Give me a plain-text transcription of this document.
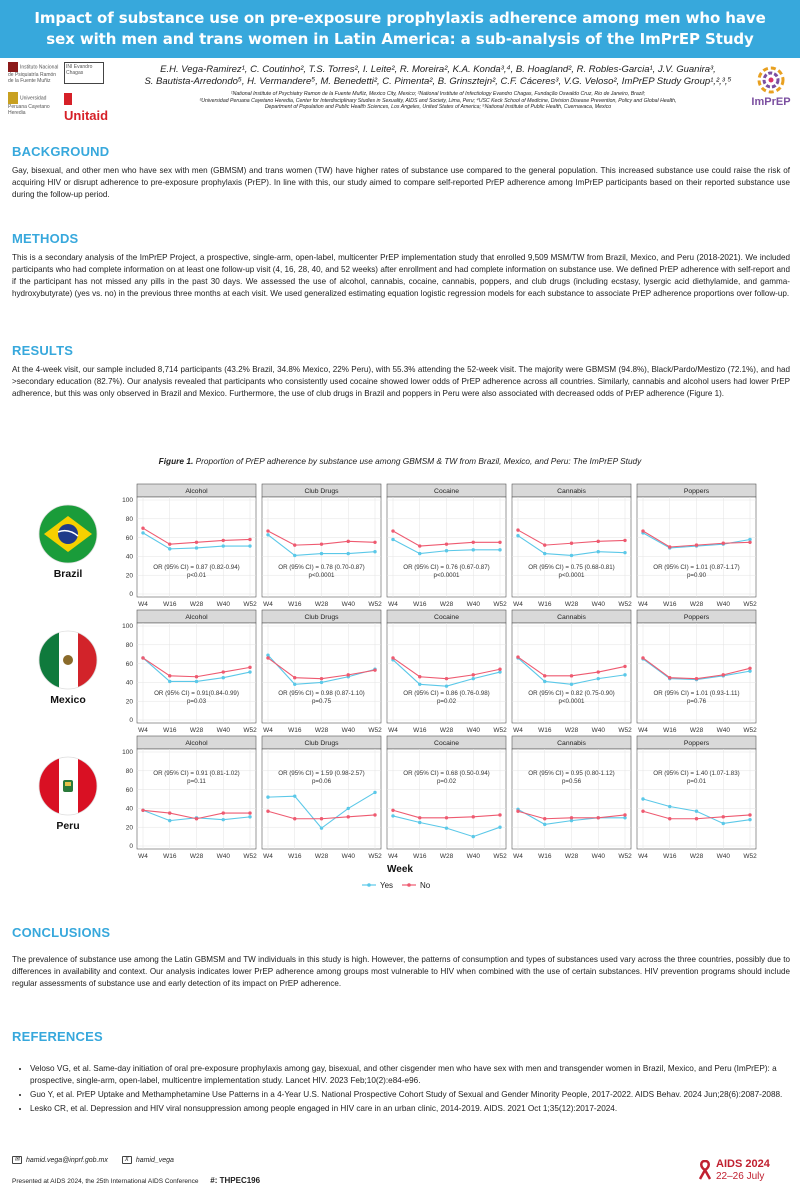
Impact of substance use on pre-exposure prophylaxis adherence among men who have
sex with men and trans women in Latin America: a sub-analysis of the ImPrEP Study
Instituto Nacional de Psiquiatría Ramón de la Fuente Muñiz
INI Evandro Chagas
Universidad Peruana Cayetano Heredia	Unitaid
E.H. Vega-Ramirez¹, C. Coutinho², T.S. Torres², I. Leite², R. Moreira², K.A. Konda³,⁴, B. Hoagland², R. Robles-Garcia¹, J.V. Guanira³,
S. Bautista-Arredondo⁵, H. Vermandere⁵, M. Benedetti², C. Pimenta², B. Grinsztejn², C.F. Cáceres³, V.G. Veloso², ImPrEP Study Group¹,²,³,⁵
¹National Institute of Psychiatry Ramon de la Fuente Muñiz, Mexico City, Mexico; ²National Institute of Infectiology Evandro Chagas, Fundação Oswaldo Cruz, Rio de Janeiro, Brazil;
³Universidad Peruana Cayetano Heredia, Center for Interdisciplinary Studies in Sexuality, AIDS and Society, Lima, Peru; ⁴USC Keck School of Medicine, Division Disease Prevention, Policy and Global Health,
Department of Population and Public Health Sciences, Los Angeles, United States of America; ⁵National Institute of Public Health, Cuernavaca, Mexico	ImPrEP
BACKGROUND

Gay, bisexual, and other men who have sex with men (GBMSM) and trans women (TW) have higher rates of substance use compared to the general population. This increased substance use could raise the risk of acquiring HIV or disrupt adherence to pre-exposure prophylaxis (PrEP). In line with this, our study aimed to compare self-reported PrEP adherence among ImPrEP participants based on their reported substance use during the follow-up period.

METHODS

This is a secondary analysis of the ImPrEP Project, a prospective, single-arm, open-label, multicenter PrEP implementation study that enrolled 9,509 MSM/TW from Brazil, Mexico, and Peru (2018-2021). We included participants who had complete information on at least one follow-up visit (4, 16, 28, 40, and 52 weeks) after enrollment and had complete information on substance use. We defined PrEP adherence with self-report and if the participant has not missed any pills in the past 30 days. We assessed the use of alcohol, cannabis, cocaine, cannabis, poppers, and club drugs (including ecstasy, lysergic acid diethylamide, and gamma-hydroxybutyrate) (yes vs. no) in the previous three months at each visit. We used generalized estimating equation logistic regression models for each substance to associate PrEP adherence proportions over follow-up.

RESULTS

At the 4-week visit, our sample included 8,714 participants (43.2% Brazil, 34.8% Mexico, 22% Peru), with 55.3% attending the 52-week visit. The majority were GBMSM (94.8%), Black/Pardo/Mestizo (72.1%), and had >secondary education (82.7%). Our analysis revealed that participants who consistently used cocaine showed lower odds of PrEP adherence across all countries. Similarly, cannabis and alcohol users had lower PrEP adherence, but this was only observed in Brazil and Mexico. Furthermore, the use of club drugs in Brazil and poppers in Peru were also associated with decreased odds of PrEP adherence (Figure 1).

Figure 1. Proportion of PrEP adherence by substance use among GBMSM & TW from Brazil, Mexico, and Peru: The ImPrEP Study
Brazil
0
20
40
60
80
100
Alcohol
OR (95% CI) = 0.87 (0.82-0.94)
p<0.01
W4 W16 W28 W40 W52
Club Drugs
OR (95% CI) = 0.78 (0.70-0.87)
p<0.0001
W4 W16 W28 W40 W52
Cocaine
OR (95% CI) = 0.76 (0.67-0.87)
p<0.0001
W4 W16 W28 W40 W52
Cannabis
OR (95% CI) = 0.75 (0.68-0.81)
p<0.0001
W4 W16 W28 W40 W52
Poppers
OR (95% CI) = 1.01 (0.87-1.17)
p=0.90
W4 W16 W28 W40 W52
Mexico
0
20
40
60
80
100
Alcohol
OR (95% CI) = 0.91(0.84-0.99)
p=0.03
W4 W16 W28 W40 W52
Club Drugs
OR (95% CI) = 0.98 (0.87-1.10)
p=0.75
W4 W16 W28 W40 W52
Cocaine
OR (95% CI) = 0.86 (0.76-0.98)
p=0.02
W4 W16 W28 W40 W52
Cannabis
OR (95% CI) = 0.82 (0.75-0.90)
p<0.0001
W4 W16 W28 W40 W52
Poppers
OR (95% CI) = 1.01 (0.93-1.11)
p=0.76
W4 W16 W28 W40 W52
Peru
0
20
40
60
80
100
Alcohol
OR (95% CI) = 0.91 (0.81-1.02)
p=0.11
W4 W16 W28 W40 W52
Club Drugs
OR (95% CI) = 1.59 (0.98-2.57)
p=0.06
W4 W16 W28 W40 W52
Cocaine
OR (95% CI) = 0.68 (0.50-0.94)
p=0.02
W4 W16 W28 W40 W52
Cannabis
OR (95% CI) = 0.95 (0.80-1.12)
p=0.56
W4 W16 W28 W40 W52
Poppers
OR (95% CI) = 1.40 (1.07-1.83)
p=0.01
W4 W16 W28 W40 W52
Week
Yes	No
CONCLUSIONS

The prevalence of substance use among the Latin GBMSM and TW individuals in this study is high. However, the patterns of consumption and types of substances used vary across the three countries, possibly due to differences in availability and context. Our analysis indicates lower PrEP adherence among groups most vulnerable to HIV when combined with the use of certain substances. HIV prevention programs should include regular assessments of substance use and early detection of its impact on PrEP adherence.

REFERENCES
• Veloso VG, et al. Same-day initiation of oral pre-exposure prophylaxis among gay, bisexual, and other cisgender men who have sex with men and transgender women in Brazil, Mexico, and Peru (ImPrEP): a prospective, single-arm, open-label, multicentre implementation study. Lancet HIV. 2023 Feb;10(2):e84-e96.
• Guo Y, et al. PrEP Uptake and Methamphetamine Use Patterns in a 4-Year U.S. National Prospective Cohort Study of Sexual and Gender Minority People, 2017-2022. AIDS Behav. 2024 Jun;28(6):2087-2088.
• Lesko CR, et al. Depression and HIV viral nonsuppression among people engaged in HIV care in an urban clinic, 2014-2019. AIDS. 2021 Oct 1;35(12):2017-2024.
✉ hamid.vega@inprf.gob.mx	X	hamid_vega
Presented at AIDS 2024, the 25th International AIDS Conference #: THPEC196
AIDS 2024
22–26 July
